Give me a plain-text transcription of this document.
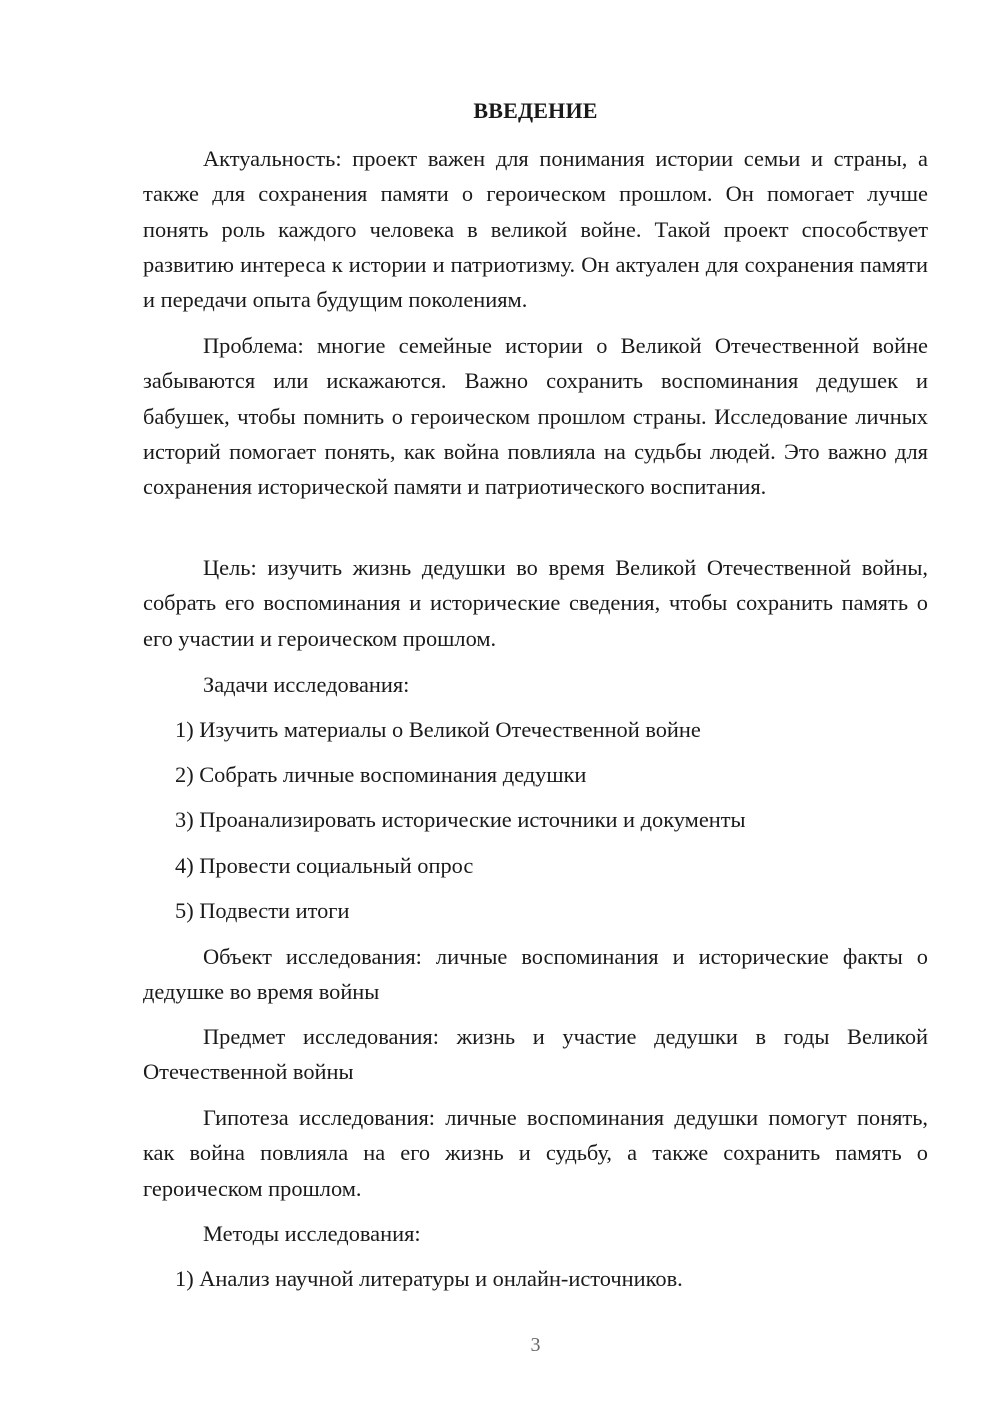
ВВЕДЕНИЕ

Актуальность: проект важен для понимания истории семьи и страны, а также для сохранения памяти о героическом прошлом. Он помогает лучше понять роль каждого человека в великой войне. Такой проект способствует развитию интереса к истории и патриотизму. Он актуален для сохранения памяти и передачи опыта будущим поколениям.

Проблема: многие семейные истории о Великой Отечественной войне забываются или искажаются. Важно сохранить воспоминания дедушек и бабушек, чтобы помнить о героическом прошлом страны. Исследование личных историй помогает понять, как война повлияла на судьбы людей. Это важно для сохранения исторической памяти и патриотического воспитания.

Цель: изучить жизнь дедушки во время Великой Отечественной войны, собрать его воспоминания и исторические сведения, чтобы сохранить память о его участии и героическом прошлом.

Задачи исследования:
1) Изучить материалы о Великой Отечественной войне
2) Собрать личные воспоминания дедушки
3) Проанализировать исторические источники и документы
4) Провести социальный опрос
5) Подвести итоги

Объект исследования: личные воспоминания и исторические факты о дедушке во время войны

Предмет исследования: жизнь и участие дедушки в годы Великой Отечественной войны

Гипотеза исследования: личные воспоминания дедушки помогут понять, как война повлияла на его жизнь и судьбу, а также сохранить память о героическом прошлом.

Методы исследования:
1) Анализ научной литературы и онлайн-источников.
3
